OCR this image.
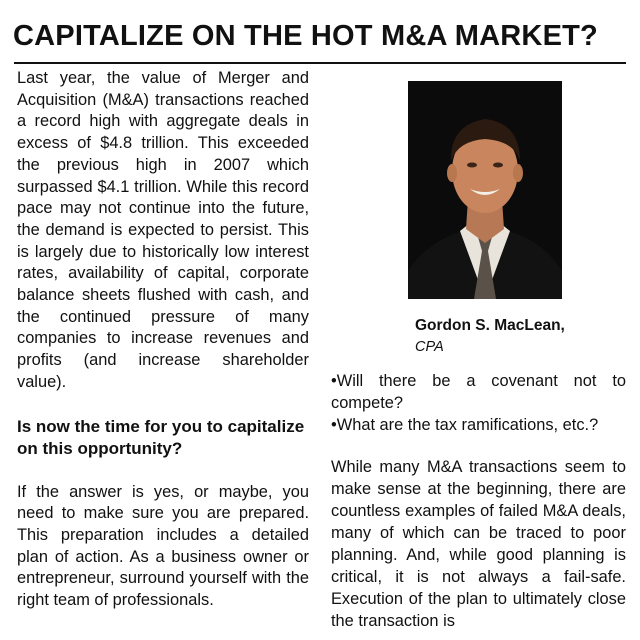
CAPITALIZE ON THE HOT M&A MARKET?

Last year, the value of Merger and Acquisition (M&A) transactions reached a record high with aggregate deals in excess of $4.8 trillion. This exceeded the previous high in 2007 which surpassed $4.1 trillion. While this record pace may not continue into the future, the demand is expected to persist. This is largely due to historically low interest rates, availability of capital, corporate balance sheets flushed with cash, and the continued pressure of many companies to increase revenues and profits (and increase shareholder value).

Is now the time for you to capitalize on this opportunity?

If the answer is yes, or maybe, you need to make sure you are prepared. This preparation includes a detailed plan of action. As a business owner or entrepreneur, surround yourself with the right team of professionals.

Gordon S. MacLean,
CPA
•Will there be a covenant not to compete?
•What are the tax ramifications, etc.?

While many M&A transactions seem to make sense at the beginning, there are countless examples of failed M&A deals, many of which can be traced to poor planning. And, while good planning is critical, it is not always a fail-safe. Execution of the plan to ultimately close the transaction is
